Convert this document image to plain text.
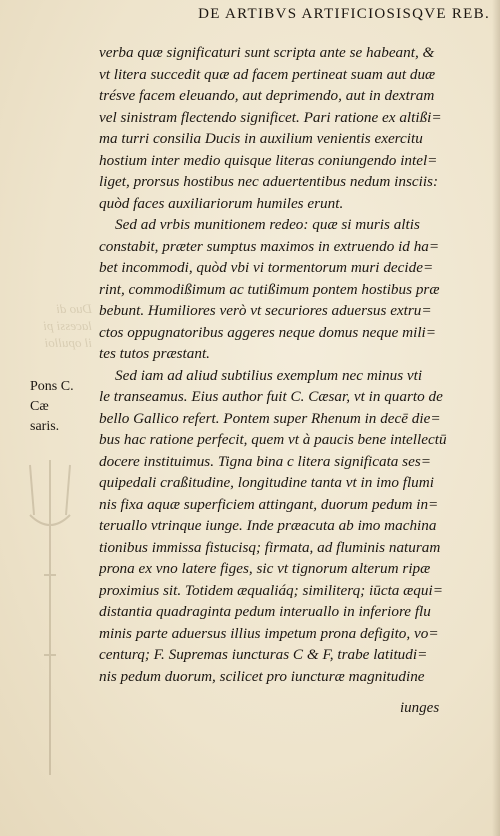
DE ARTIBVS ARTIFICIOSISQVE REB.
Duo di
lacessi pi
il opulloi
Pons C. Cæ
saris.
verba quæ significaturi sunt scripta ante se habeant, &
vt litera succedit quæ ad facem pertineat suam aut duæ
trésve facem eleuando, aut deprimendo, aut in dextram
vel sinistram flectendo significet. Pari ratione ex altißi=
ma turri consilia Ducis in auxilium venientis exercitu
hostium inter medio quisque literas coniungendo intel=
liget, prorsus hostibus nec aduertentibus nedum insciis:
quòd faces auxiliariorum humiles erunt.
Sed ad vrbis munitionem redeo: quæ si muris altis
constabit, præter sumptus maximos in extruendo id ha=
bet incommodi, quòd vbi vi tormentorum muri decide=
rint, commodißimum ac tutißimum pontem hostibus præ
bebunt. Humiliores verò vt securiores aduersus extru=
ctos oppugnatoribus aggeres neque domus neque mili=
tes tutos præstant.
Sed iam ad aliud subtilius exemplum nec minus vti
le transeamus. Eius author fuit C. Cæsar, vt in quarto de
bello Gallico refert. Pontem super Rhenum in decē die=
bus hac ratione perfecit, quem vt à paucis bene intellectū
docere instituimus. Tigna bina c litera significata ses=
quipedali craßitudine, longitudine tanta vt in imo flumi
nis fixa aquæ superficiem attingant, duorum pedum in=
teruallo vtrinque iunge. Inde præacuta ab imo machina
tionibus immissa fistucisq; firmata, ad fluminis naturam
prona ex vno latere figes, sic vt tignorum alterum ripæ
proximius sit. Totidem æqualiáq; similiterq; iūcta æqui=
distantia quadraginta pedum interuallo in inferiore flu
minis parte aduersus illius impetum prona defigito, vo=
centurq; F. Supremas iuncturas C & F, trabe latitudi=
nis pedum duorum, scilicet pro iuncturæ magnitudine
iunges
